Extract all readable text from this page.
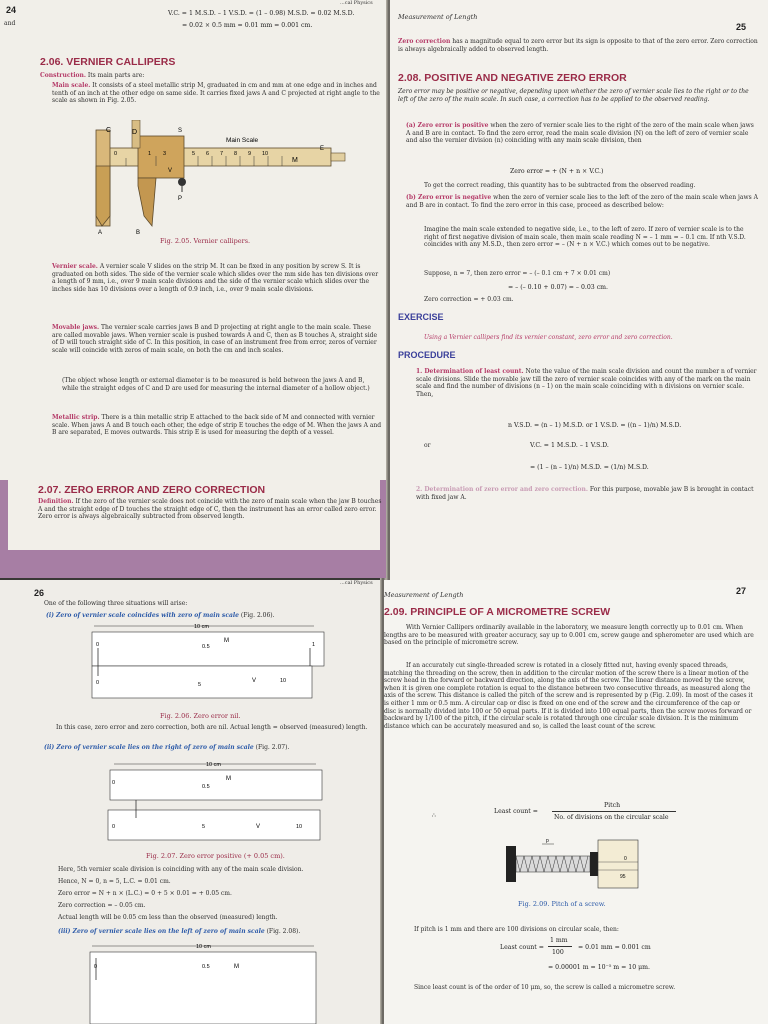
24
and
V.C. = 1 M.S.D. – 1 V.S.D. = (1 – 0.98) M.S.D. = 0.02 M.S.D.
= 0.02 × 0.5 mm = 0.01 mm = 0.001 cm.
...cal Physics
2.06. VERNIER CALLIPERS
Construction. Its main parts are:
Main scale. It consists of a steel metallic strip M, graduated in cm and mm at one edge and in inches and tenth of an inch at the other edge on same side. It carries fixed jaws A and C projected at right angle to the scale as shown in Fig. 2.05.
C	D	S
Main Scale
0	1 3	5 6 7 8 9 10
M
E
P
V
A	B
Fig. 2.05. Vernier callipers.
Vernier scale. A vernier scale V slides on the strip M. It can be fixed in any position by screw S. It is graduated on both sides. The side of the vernier scale which slides over the mm side has ten divisions over a length of 9 mm, i.e., over 9 main scale divisions and the side of the vernier scale which slides over the inches side has 10 divisions over a length of 0.9 inch, i.e., over 9 main scale divisions.
Movable jaws. The vernier scale carries jaws B and D projecting at right angle to the main scale. These are called movable jaws. When vernier scale is pushed towards A and C, then as B touches A, straight side of D will touch straight side of C. In this position, in case of an instrument free from error, zeros of vernier scale will coincide with zeros of main scale, on both the cm and inch scales.
(The object whose length or external diameter is to be measured is held between the jaws A and B, while the straight edges of C and D are used for measuring the internal diameter of a hollow object.)
Metallic strip. There is a thin metallic strip E attached to the back side of M and connected with vernier scale. When jaws A and B touch each other, the edge of strip E touches the edge of M. When the jaws A and B are separated, E moves outwards. This strip E is used for measuring the depth of a vessel.
2.07. ZERO ERROR AND ZERO CORRECTION
Definition. If the zero of the vernier scale does not coincide with the zero of main scale when the jaw B touches A and the straight edge of D touches the straight edge of C, then the instrument has an error called zero error. Zero error is always algebraically subtracted from observed length.
Measurement of Length
25
Zero correction has a magnitude equal to zero error but its sign is opposite to that of the zero error. Zero correction is always algebraically added to observed length.
2.08. POSITIVE AND NEGATIVE ZERO ERROR
Zero error may be positive or negative, depending upon whether the zero of vernier scale lies to the right or to the left of the zero of the main scale. In such case, a correction has to be applied to the observed reading.
(a) Zero error is positive when the zero of vernier scale lies to the right of the zero of the main scale when jaws A and B are in contact. To find the zero error, read the main scale division (N) on the left of zero of vernier scale and also the vernier division (n) coinciding with any main scale division, then
Zero error = + (N + n × V.C.)
To get the correct reading, this quantity has to be subtracted from the observed reading.
(b) Zero error is negative when the zero of vernier scale lies to the left of the zero of the main scale when jaws A and B are in contact. To find the zero error in this case, proceed as described below:
Imagine the main scale extended to negative side, i.e., to the left of zero. If zero of vernier scale is to the right of first negative division of main scale, then main scale reading N = – 1 mm = – 0.1 cm. If nth V.S.D. coincides with any M.S.D., then zero error = – (N + n × V.C.) which comes out to be negative.
Suppose, n = 7, then zero error = – (– 0.1 cm + 7 × 0.01 cm)
= – (– 0.10 + 0.07) = – 0.03 cm.
Zero correction = + 0.03 cm.
EXERCISE
Using a Vernier callipers find its vernier constant, zero error and zero correction.
PROCEDURE
1. Determination of least count. Note the value of the main scale division and count the number n of vernier scale divisions. Slide the movable jaw till the zero of vernier scale coincides with any of the mark on the main scale and find the number of divisions (n – 1) on the main scale coinciding with n divisions on vernier scale. Then,
n V.S.D. = (n – 1) M.S.D. or 1 V.S.D. = ((n – 1)/n) M.S.D.
or	V.C. = 1 M.S.D. – 1 V.S.D.
= (1 – (n – 1)/n) M.S.D. = (1/n) M.S.D.
2. Determination of zero error and zero correction. For this purpose, movable jaw B is brought in contact with fixed jaw A.
26
...cal Physics
One of the following three situations will arise:
(i) Zero of vernier scale coincides with zero of main scale (Fig. 2.06).
10 cm
M
0	0.5	1
0	5
V	10
Fig. 2.06. Zero error nil.
In this case, zero error and zero correction, both are nil. Actual length = observed (measured) length.
(ii) Zero of vernier scale lies on the right of zero of main scale (Fig. 2.07).
10 cm
M
0
0.5
0	5	V	10
Fig. 2.07. Zero error positive (+ 0.05 cm).
Here, 5th vernier scale division is coinciding with any of the main scale division.
Hence, N = 0, n = 5, L.C. = 0.01 cm.
Zero error = N + n × (L.C.) = 0 + 5 × 0.01 = + 0.05 cm.
Zero correction = – 0.05 cm.
Actual length will be 0.05 cm less than the observed (measured) length.
(iii) Zero of vernier scale lies on the left of zero of main scale (Fig. 2.08).
10 cm
0	0.5	M
Measurement of Length	27
2.09. PRINCIPLE OF A MICROMETRE SCREW
With Vernier Callipers ordinarily available in the laboratory, we measure length correctly up to 0.01 cm. When lengths are to be measured with greater accuracy, say up to 0.001 cm, screw gauge and spherometer are used which are based on the principle of micrometre screw.
If an accurately cut single-threaded screw is rotated in a closely fitted nut, having evenly spaced threads, matching the threading on the screw, then in addition to the circular motion of the screw there is a linear motion of the screw head in the forward or backward direction, along the axis of the screw. The linear distance moved by the screw, when it is given one complete rotation is equal to the distance between two consecutive threads, as measured along the axis of the screw. This distance is called the pitch of the screw and is represented by p (Fig. 2.09). In most of the cases it is either 1 mm or 0.5 mm. A circular cap or disc is fixed on one end of the screw and the circumference of the cap or disc is normally divided into 100 or 50 equal parts. If it is divided into 100 equal parts, then the screw moves forward or backward by 1/100 of the pitch, if the circular scale is rotated through one circular scale division. It is the minimum distance which can be accurately measured and so, is called the least count of the screw.
∴
Least count =
Pitch
No. of divisions on the circular scale
p
0
95
Fig. 2.09. Pitch of a screw.
If pitch is 1 mm and there are 100 divisions on circular scale, then:
Least count =
1 mm
100
= 0.01 mm = 0.001 cm
= 0.00001 m = 10⁻⁵ m = 10 μm.
Since least count is of the order of 10 μm, so, the screw is called a micrometre screw.
